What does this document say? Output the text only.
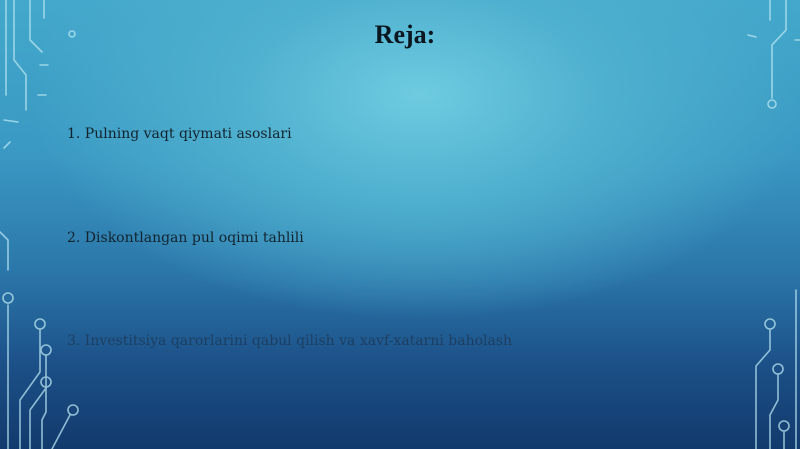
Reja:
1. Pulning vaqt qiymati asoslari
2. Diskontlangan pul oqimi tahlili
3. Investitsiya qarorlarini qabul qilish va xavf-xatarni baholash
